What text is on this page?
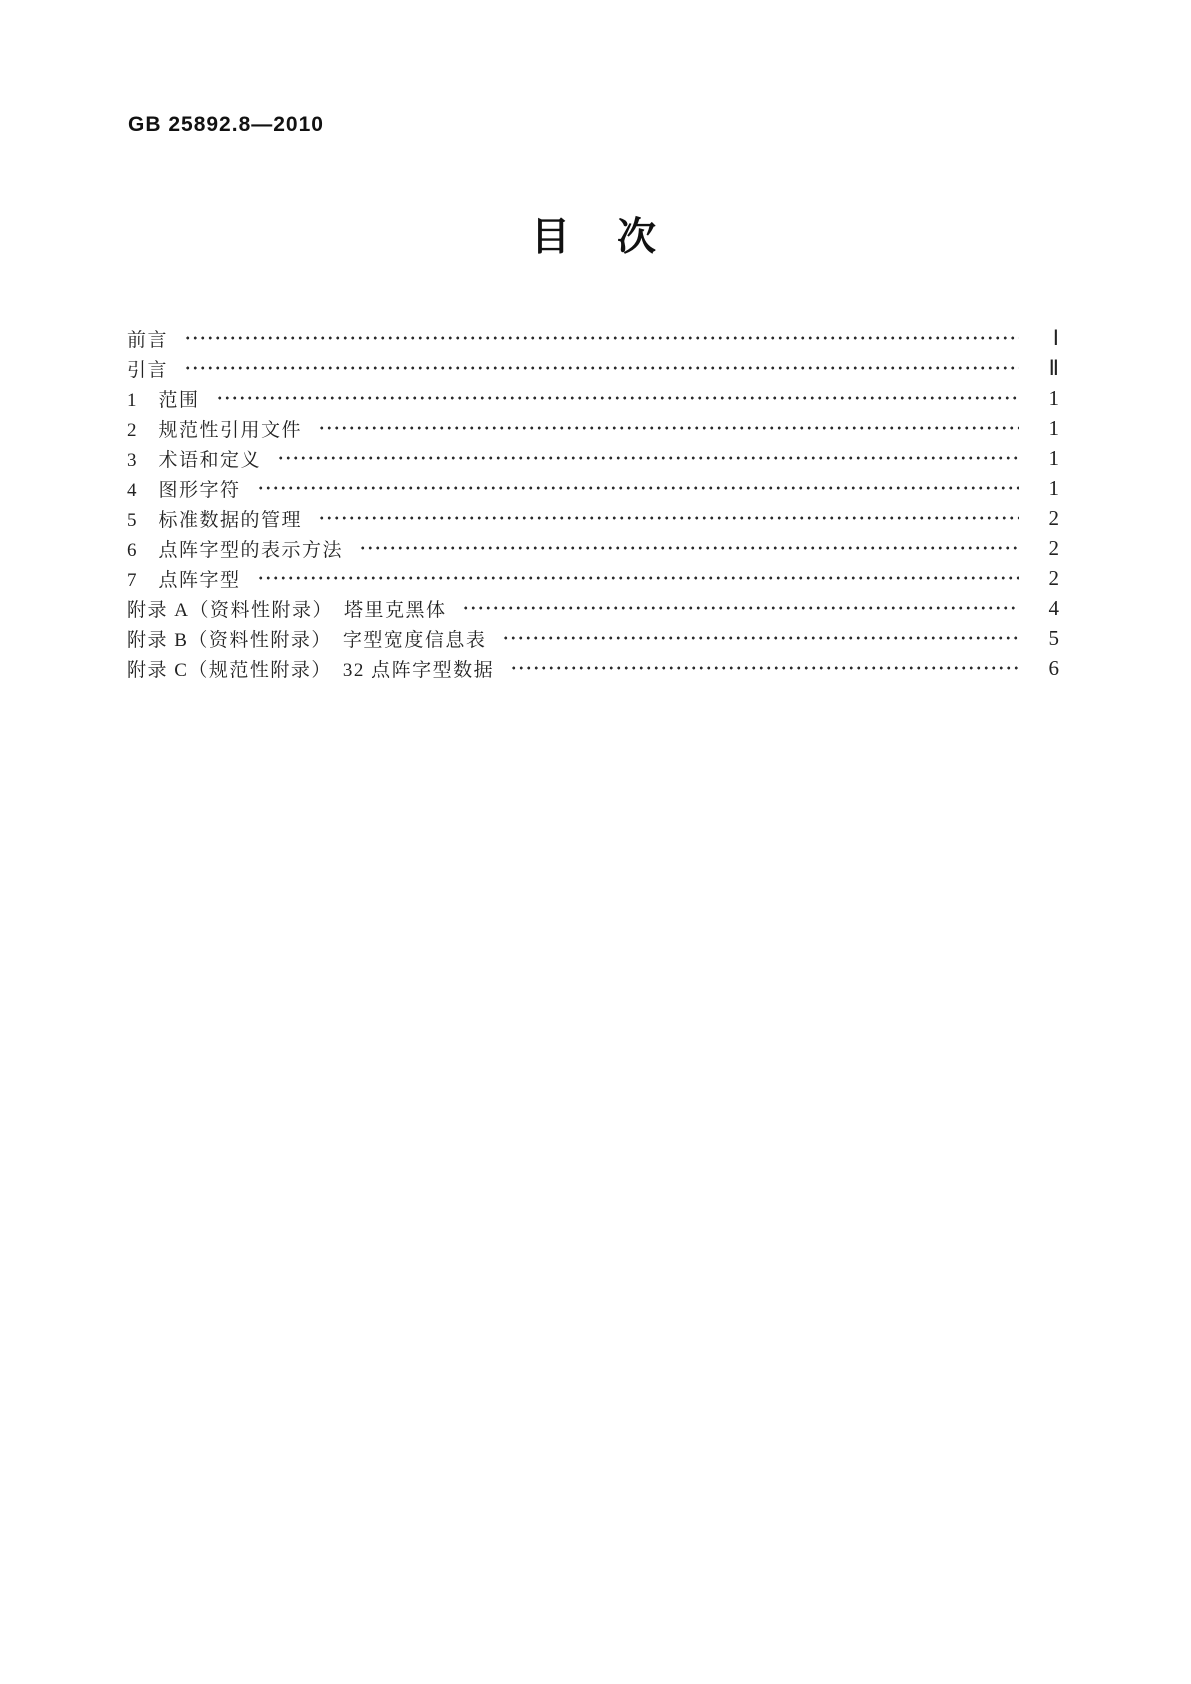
GB 25892.8—2010
目　次
前言	Ⅰ
引言	Ⅱ
1　范围	1
2　规范性引用文件	1
3　术语和定义	1
4　图形字符	1
5　标准数据的管理	2
6　点阵字型的表示方法	2
7　点阵字型	2
附录 A（资料性附录）　塔里克黑体	4
附录 B（资料性附录）　字型宽度信息表	5
附录 C（规范性附录）　32 点阵字型数据	6
